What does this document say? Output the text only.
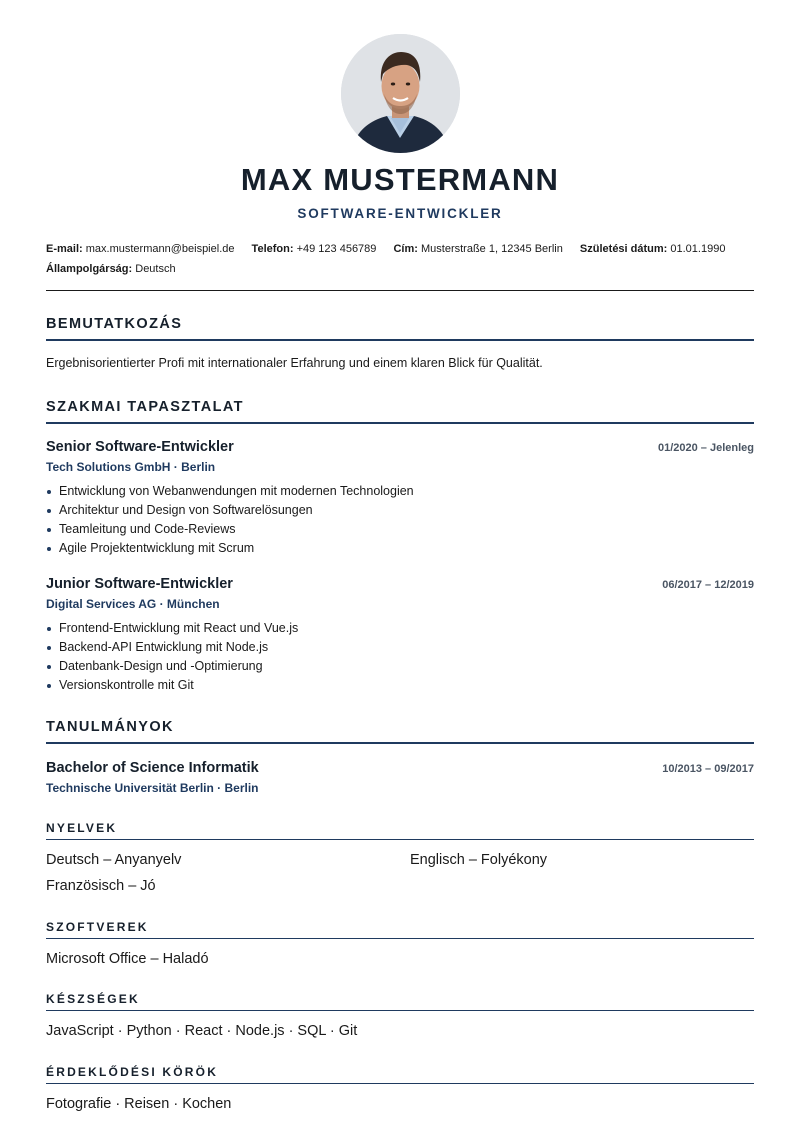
MAX MUSTERMANN
SOFTWARE-ENTWICKLER
E-mail: max.mustermann@beispiel.de Telefon: +49 123 456789 Cím: Musterstraße 1, 12345 Berlin Születési dátum: 01.01.1990
Állampolgárság: Deutsch
BEMUTATKOZÁS
Ergebnisorientierter Profi mit internationaler Erfahrung und einem klaren Blick für Qualität.
SZAKMAI TAPASZTALAT
Senior Software-Entwickler	01/2020 – Jelenleg
Tech Solutions GmbH · Berlin
Entwicklung von Webanwendungen mit modernen Technologien
Architektur und Design von Softwarelösungen
Teamleitung und Code-Reviews
Agile Projektentwicklung mit Scrum
Junior Software-Entwickler	06/2017 – 12/2019
Digital Services AG · München
Frontend-Entwicklung mit React und Vue.js
Backend-API Entwicklung mit Node.js
Datenbank-Design und -Optimierung
Versionskontrolle mit Git
TANULMÁNYOK
Bachelor of Science Informatik	10/2013 – 09/2017
Technische Universität Berlin · Berlin
NYELVEK
Deutsch – Anyanyelv	Englisch – Folyékony
Französisch – Jó
SZOFTVEREK
Microsoft Office – Haladó
KÉSZSÉGEK
JavaScript · Python · React · Node.js · SQL · Git
ÉRDEKLŐDÉSI KÖRÖK
Fotografie · Reisen · Kochen
